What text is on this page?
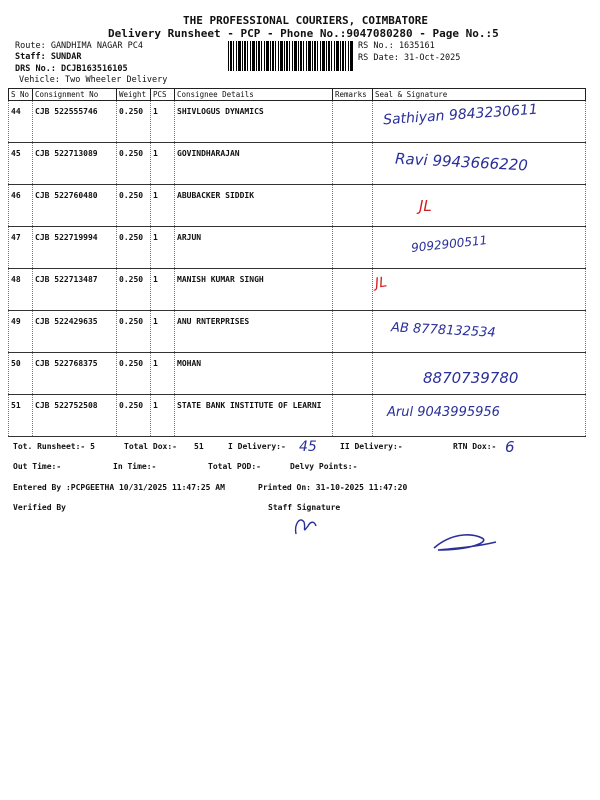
THE PROFESSIONAL COURIERS, COIMBATORE
Delivery Runsheet - PCP - Phone No.:9047080280 - Page No.:5
Route: GANDHIMA NAGAR PC4
Staff: SUNDAR
DRS No.: DCJB163516105
Vehicle: Two Wheeler Delivery
RS No.: 1635161
RS Date: 31-Oct-2025
S No	Consignment No	Weight	PCS	Consignee Details	Remarks	Seal & Signature
44	CJB 522555746	0.250	1	SHIVLOGUS DYNAMICS		Sathiyan 9843230611
45	CJB 522713089	0.250	1	GOVINDHARAJAN		Ravi 9943666220
46	CJB 522760480	0.250	1	ABUBACKER SIDDIK		JL
47	CJB 522719994	0.250	1	ARJUN		9092900511
48	CJB 522713487	0.250	1	MANISH KUMAR SINGH		JL
49	CJB 522429635	0.250	1	ANU RNTERPRISES		AB 8778132534
50	CJB 522768375	0.250	1	MOHAN		8870739780
51	CJB 522752508	0.250	1	STATE BANK INSTITUTE OF LEARNI		Arul 9043995956
Tot. Runsheet:- 5	Total Dox:- 51	I Delivery:- 45	II Delivery:-	RTN Dox:- 6
Out Time:-	In Time:-	Total POD:-	Delvy Points:-
Entered By :PCPGEETHA 10/31/2025 11:47:25 AM	Printed On: 31-10-2025 11:47:20
Verified By	Staff Signature
